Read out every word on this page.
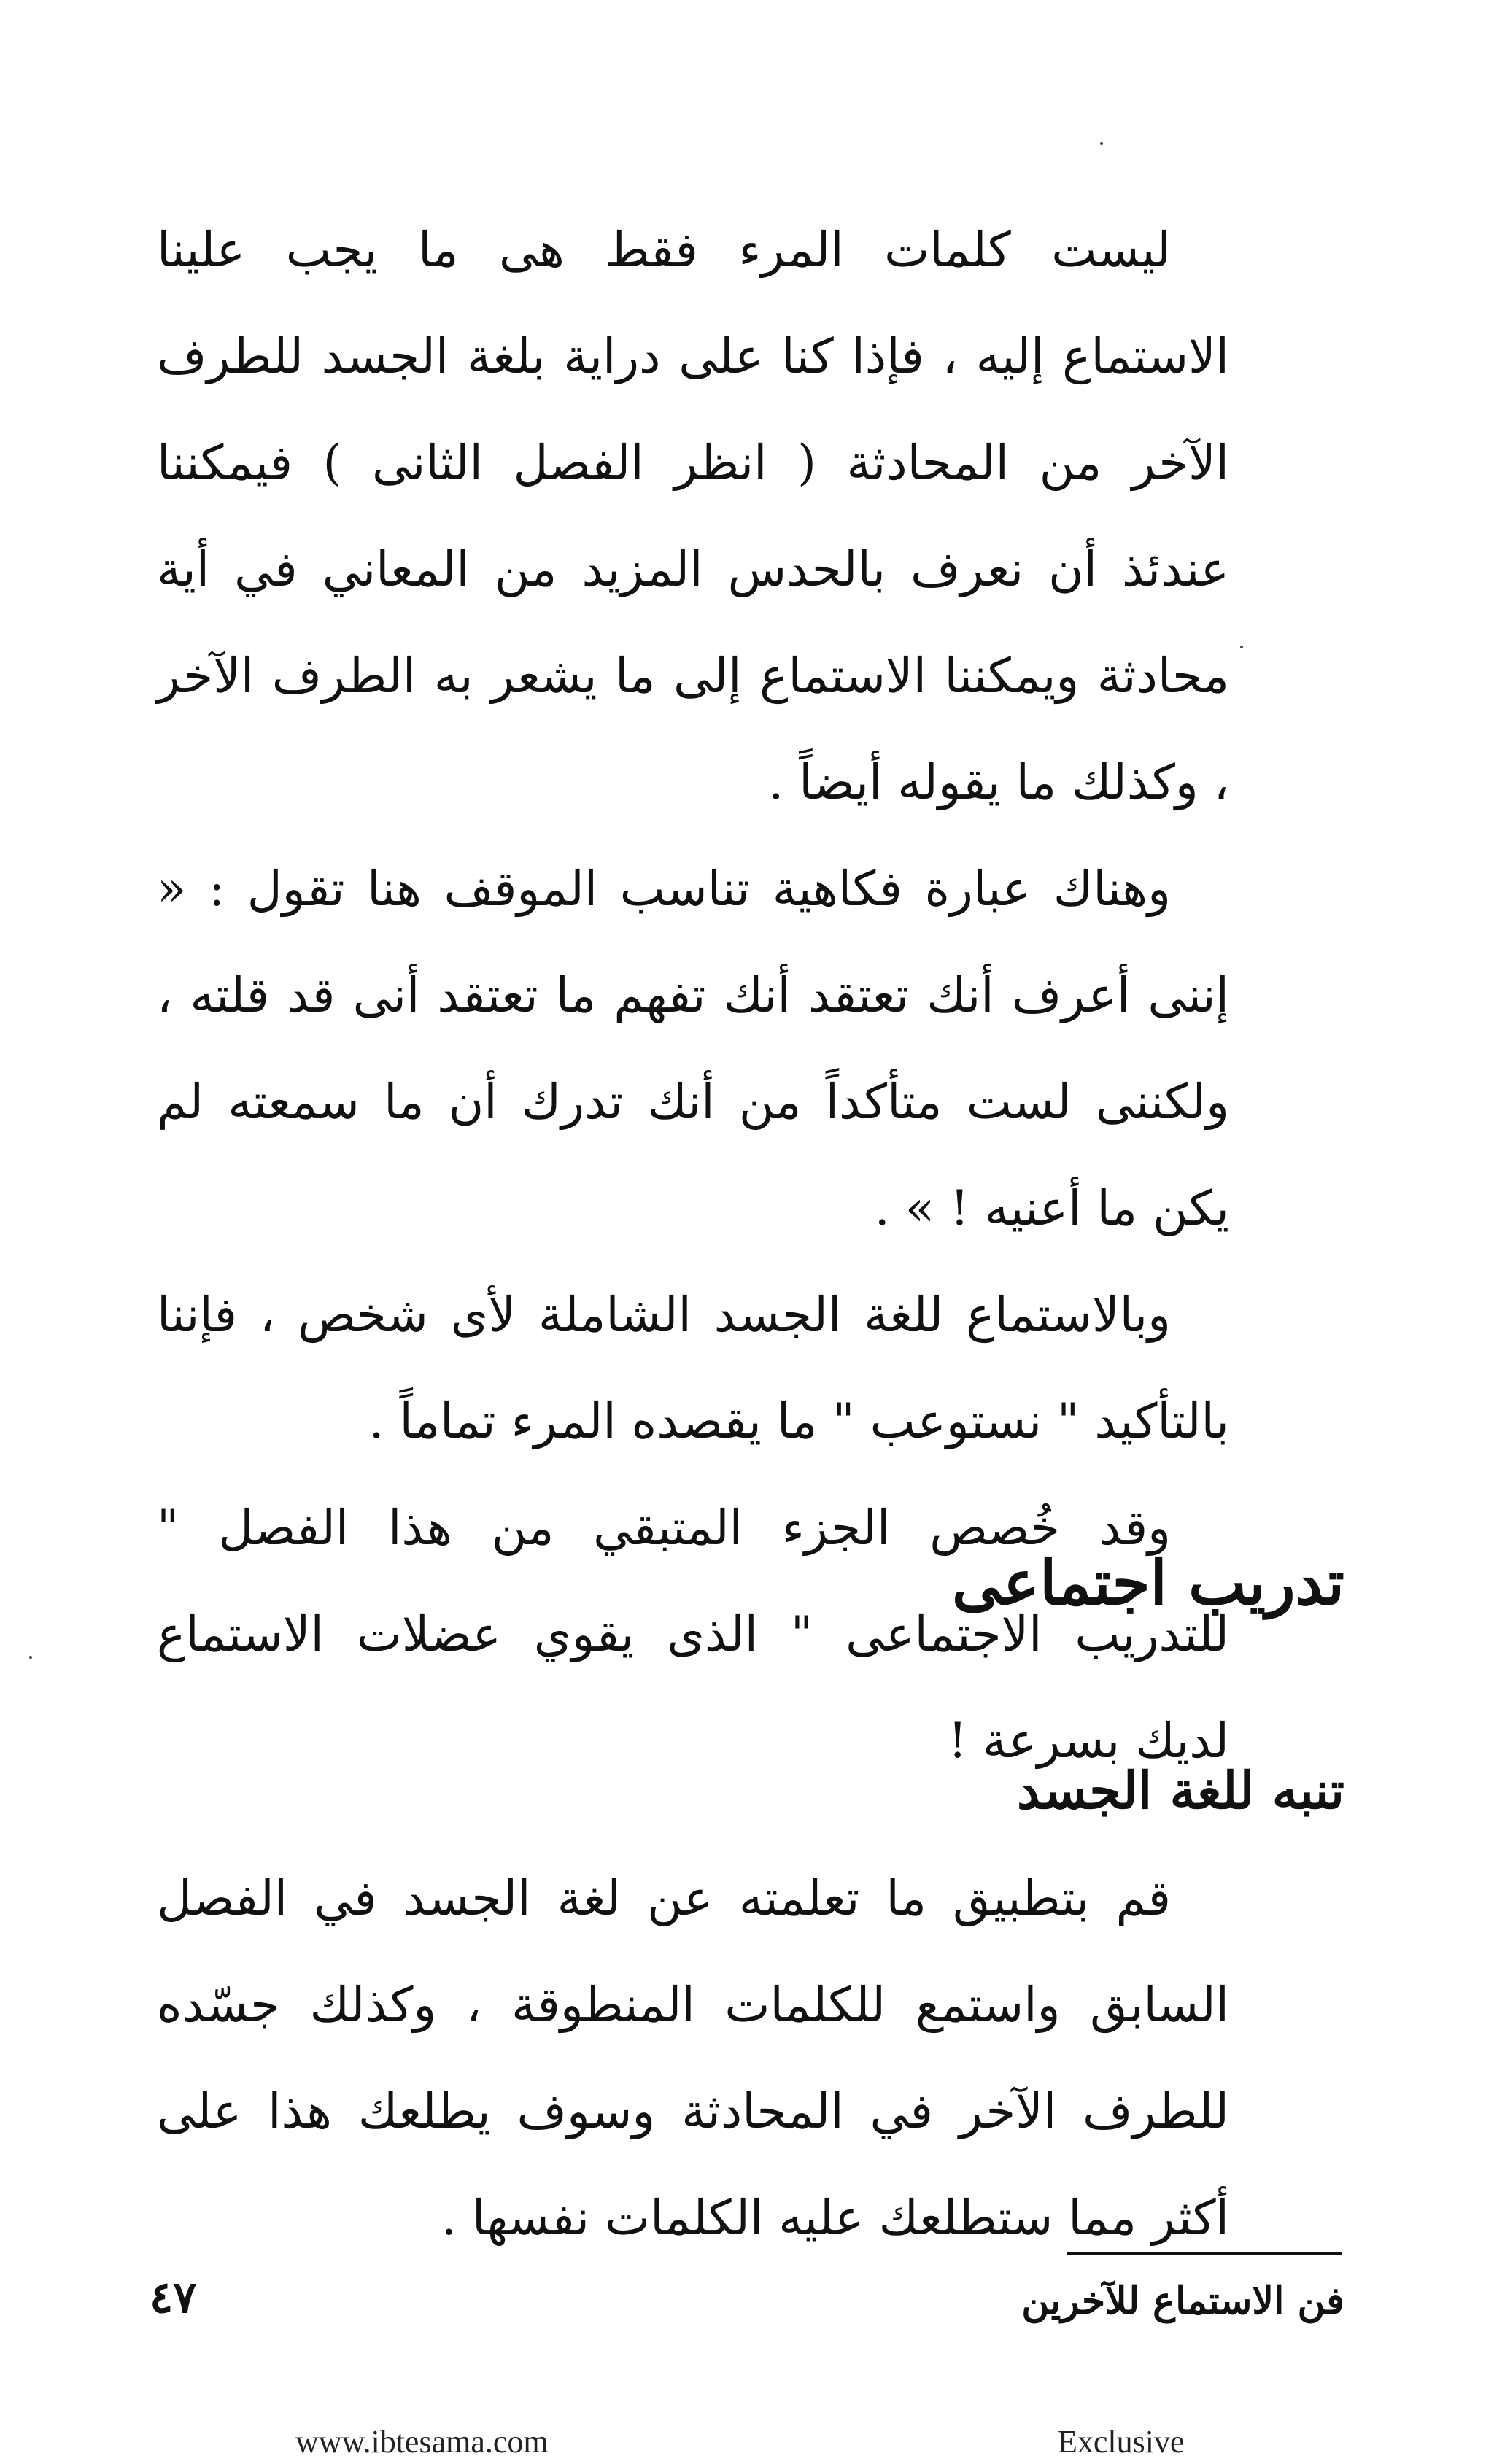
ليست كلمات المرء فقط هى ما يجب علينا الاستماع إليه ، فإذا كنا على دراية بلغة الجسد للطرف الآخر من المحادثة ( انظر الفصل الثانى ) فيمكننا عندئذ أن نعرف بالحدس المزيد من المعاني في أية محادثة ويمكننا الاستماع إلى ما يشعر به الطرف الآخر ، وكذلك ما يقوله أيضاً .

وهناك عبارة فكاهية تناسب الموقف هنا تقول : « إننى أعرف أنك تعتقد أنك تفهم ما تعتقد أنى قد قلته ، ولكننى لست متأكداً من أنك تدرك أن ما سمعته لم يكن ما أعنيه ! » .

وبالاستماع للغة الجسد الشاملة لأى شخص ، فإننا بالتأكيد " نستوعب " ما يقصده المرء تماماً .

وقد خُصص الجزء المتبقي من هذا الفصل " للتدريب الاجتماعى " الذى يقوي عضلات الاستماع لديك بسرعة !

تدريب اجتماعى
تنبه للغة الجسد

قم بتطبيق ما تعلمته عن لغة الجسد في الفصل السابق واستمع للكلمات المنطوقة ، وكذلك جسّده للطرف الآخر في المحادثة وسوف يطلعك هذا على أكثر مما ستطلعك عليه الكلمات نفسها .

فن الاستماع للآخرين
٤٧
www.ibtesama.com	Exclusive
